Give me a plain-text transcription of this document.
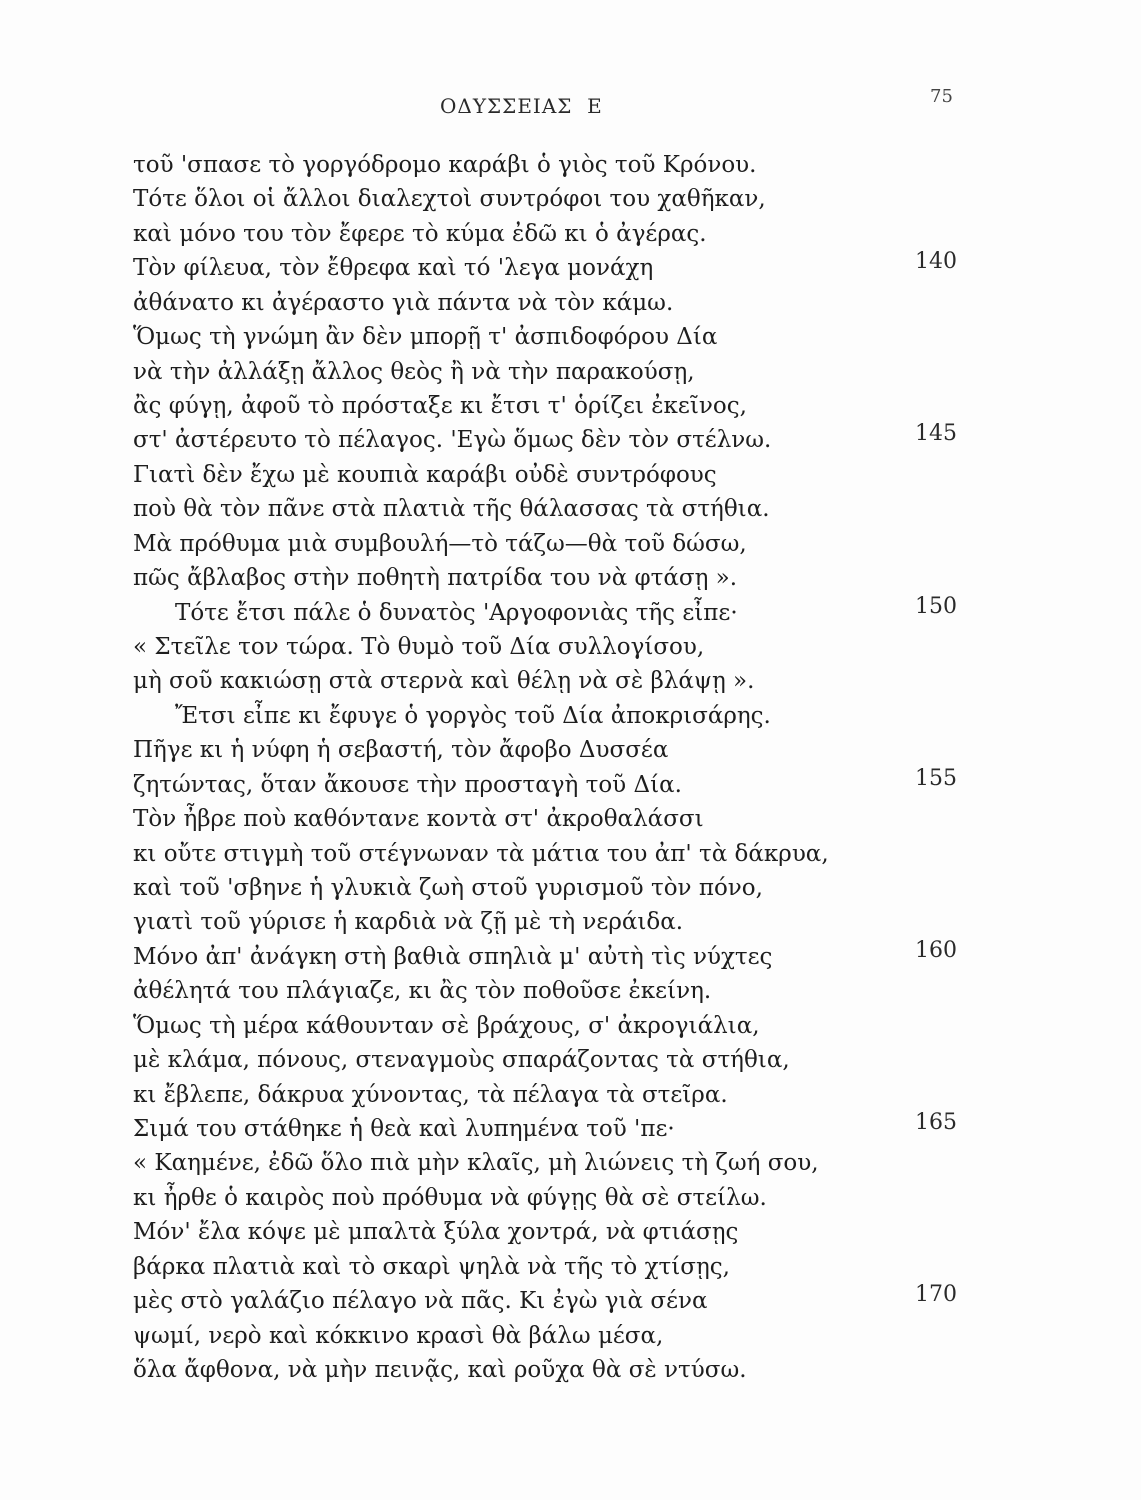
ΟΔΥΣΣΕΙΑΣ  Ε	75
τοῦ 'σπασε τὸ γοργόδρομο καράβι ὁ γιὸς τοῦ Κρόνου.
Τότε ὅλοι οἱ ἄλλοι διαλεχτοὶ συντρόφοι του χαθῆκαν,
καὶ μόνο του τὸν ἔφερε τὸ κύμα ἐδῶ κι ὁ ἀγέρας.
Τὸν φίλευα, τὸν ἔθρεφα καὶ τό 'λεγα μονάχη
ἀθάνατο κι ἀγέραστο γιὰ πάντα νὰ τὸν κάμω.
Ὅμως τὴ γνώμη ἂν δὲν μπορῇ τ' ἀσπιδοφόρου Δία
νὰ τὴν ἀλλάξῃ ἄλλος θεὸς ἢ νὰ τὴν παρακούσῃ,
ἂς φύγῃ, ἀφοῦ τὸ πρόσταξε κι ἔτσι τ' ὁρίζει ἐκεῖνος,
στ' ἀστέρευτο τὸ πέλαγος. 'Εγὼ ὅμως δὲν τὸν στέλνω.
Γιατὶ δὲν ἔχω μὲ κουπιὰ καράβι οὐδὲ συντρόφους
ποὺ θὰ τὸν πᾶνε στὰ πλατιὰ τῆς θάλασσας τὰ στήθια.
Μὰ πρόθυμα μιὰ συμβουλή—τὸ τάζω—θὰ τοῦ δώσω,
πῶς ἄβλαβος στὴν ποθητὴ πατρίδα του νὰ φτάσῃ ».
Τότε ἔτσι πάλε ὁ δυνατὸς 'Αργοφονιὰς τῆς εἶπε·
« Στεῖλε τον τώρα. Τὸ θυμὸ τοῦ Δία συλλογίσου,
μὴ σοῦ κακιώσῃ στὰ στερνὰ καὶ θέλῃ νὰ σὲ βλάψῃ ».
Ἔτσι εἶπε κι ἔφυγε ὁ γοργὸς τοῦ Δία ἀποκρισάρης.
Πῆγε κι ἡ νύφη ἡ σεβαστή, τὸν ἄφοβο Δυσσέα
ζητώντας, ὅταν ἄκουσε τὴν προσταγὴ τοῦ Δία.
Τὸν ἦβρε ποὺ καθόντανε κοντὰ στ' ἀκροθαλάσσι
κι οὔτε στιγμὴ τοῦ στέγνωναν τὰ μάτια του ἀπ' τὰ δάκρυα,
καὶ τοῦ 'σβηνε ἡ γλυκιὰ ζωὴ στοῦ γυρισμοῦ τὸν πόνο,
γιατὶ τοῦ γύρισε ἡ καρδιὰ νὰ ζῇ μὲ τὴ νεράιδα.
Μόνο ἀπ' ἀνάγκη στὴ βαθιὰ σπηλιὰ μ' αὐτὴ τὶς νύχτες
ἀθέλητά του πλάγιαζε, κι ἂς τὸν ποθοῦσε ἐκείνη.
Ὅμως τὴ μέρα κάθουνταν σὲ βράχους, σ' ἀκρογιάλια,
μὲ κλάμα, πόνους, στεναγμοὺς σπαράζοντας τὰ στήθια,
κι ἔβλεπε, δάκρυα χύνοντας, τὰ πέλαγα τὰ στεῖρα.
Σιμά του στάθηκε ἡ θεὰ καὶ λυπημένα τοῦ 'πε·
« Καημένε, ἐδῶ ὅλο πιὰ μὴν κλαῖς, μὴ λιώνεις τὴ ζωή σου,
κι ἦρθε ὁ καιρὸς ποὺ πρόθυμα νὰ φύγῃς θὰ σὲ στείλω.
Μόν' ἔλα κόψε μὲ μπαλτὰ ξύλα χοντρά, νὰ φτιάσῃς
βάρκα πλατιὰ καὶ τὸ σκαρὶ ψηλὰ νὰ τῆς τὸ χτίσῃς,
μὲς στὸ γαλάζιο πέλαγο νὰ πᾶς. Κι ἐγὼ γιὰ σένα
ψωμί, νερὸ καὶ κόκκινο κρασὶ θὰ βάλω μέσα,
ὅλα ἄφθονα, νὰ μὴν πεινᾷς, καὶ ροῦχα θὰ σὲ ντύσω.
140
145
150
155
160
165
170
